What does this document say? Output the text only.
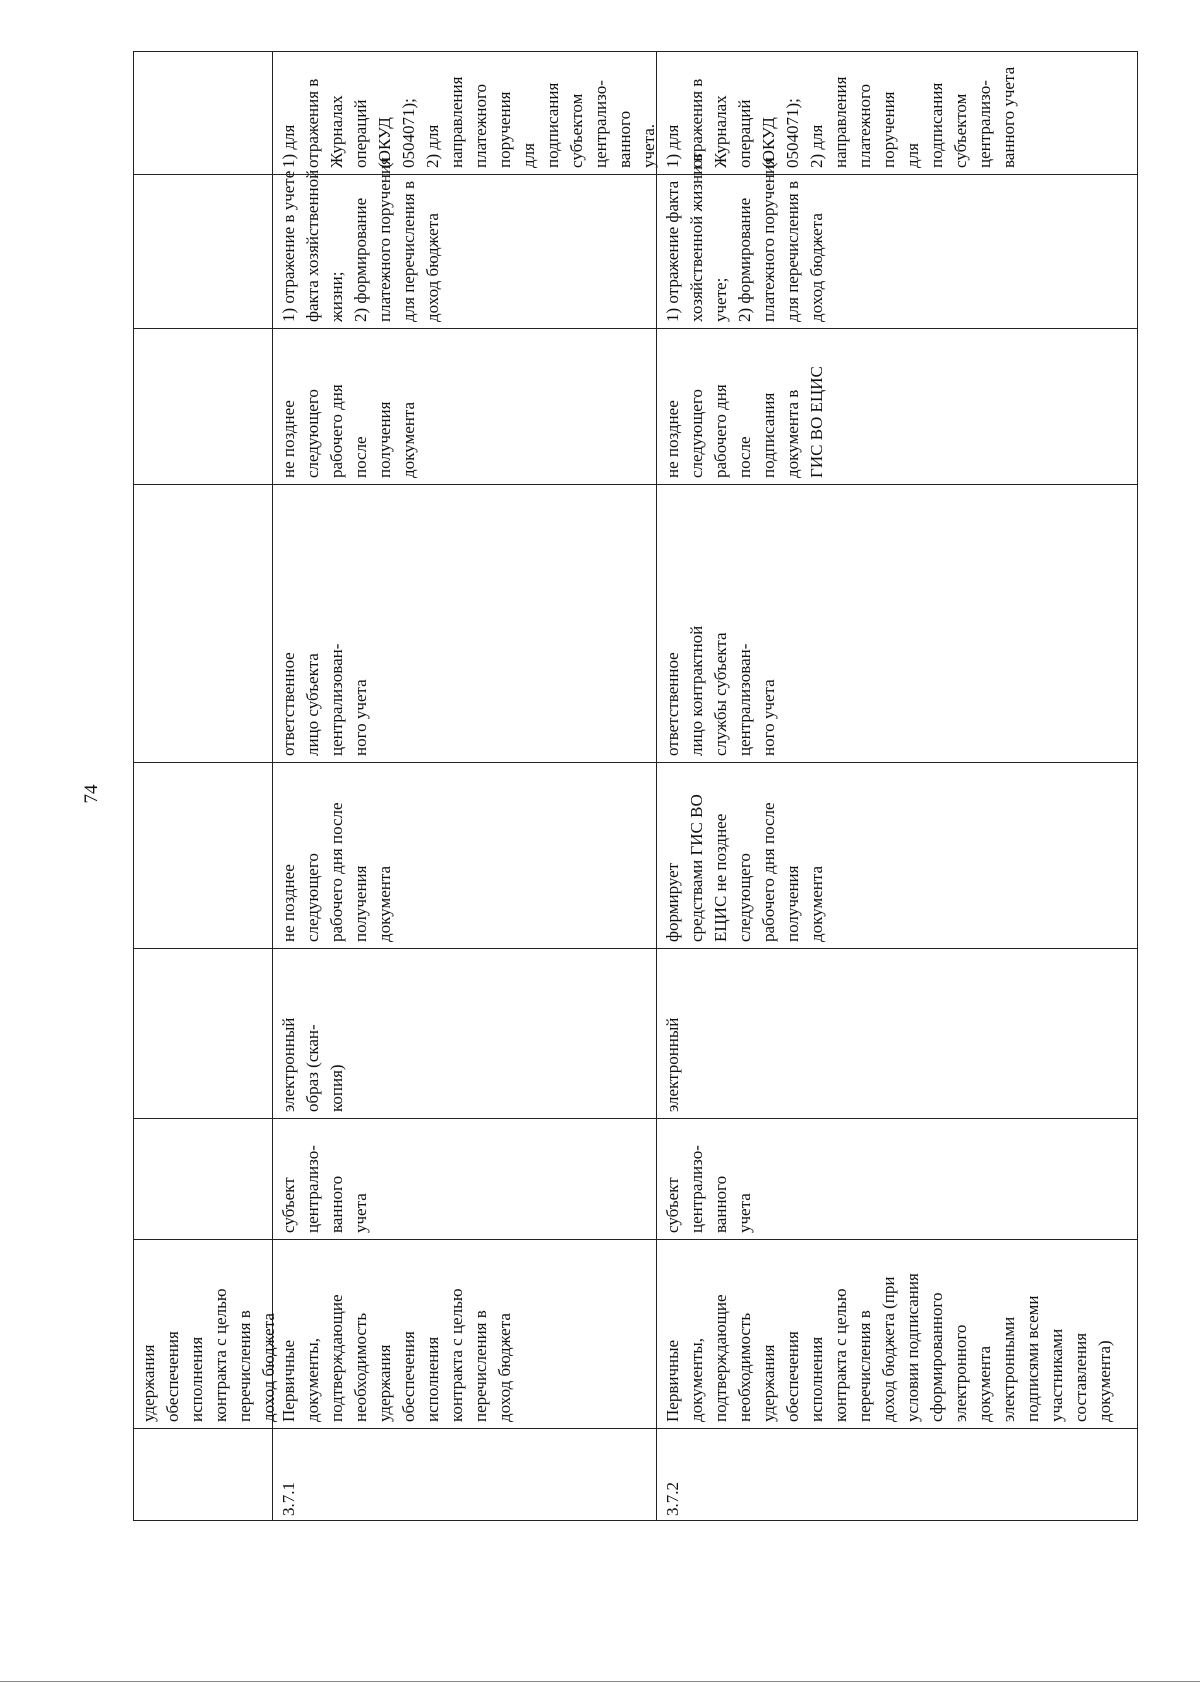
74
удержания
обеспечения
исполнения
контракта с целью
перечисления в
доход бюджета
3.7.1
Первичные
документы,
подтверждающие
необходимость
удержания
обеспечения
исполнения
контракта с целью
перечисления в
доход бюджета
субъект
централизо-
ванного
учета
электронный
образ (скан-
копия)
не позднее
следующего
рабочего дня после
получения
документа
ответственное
лицо субъекта
централизован-
ного учета
не позднее
следующего
рабочего дня
после
получения
документа
1) отражение в учете
факта хозяйственной
жизни;
2) формирование
платежного поручения
для перечисления в
доход бюджета
1) для
отражения в
Журналах
операций
(ОКУД
0504071);
2) для
направления
платежного
поручения
для
подписания
субъектом
централизо-
ванного
учета.
3.7.2
Первичные
документы,
подтверждающие
необходимость
удержания
обеспечения
исполнения
контракта с целью
перечисления в
доход бюджета (при
условии подписания
сформированного
электронного
документа
электронными
подписями всеми
участниками
составления
документа)
субъект
централизо-
ванного
учета
электронный
формирует
средствами ГИС ВО
ЕЦИС не позднее
следующего
рабочего дня после
получения
документа
ответственное
лицо контрактной
службы субъекта
централизован-
ного учета
не позднее
следующего
рабочего дня
после
подписания
документа в
ГИС ВО ЕЦИС
1) отражение факта
хозяйственной жизни в
учете;
2) формирование
платежного поручения
для перечисления в
доход бюджета
1) для
отражения в
Журналах
операций
(ОКУД
0504071);
2) для
направления
платежного
поручения
для
подписания
субъектом
централизо-
ванного учета
